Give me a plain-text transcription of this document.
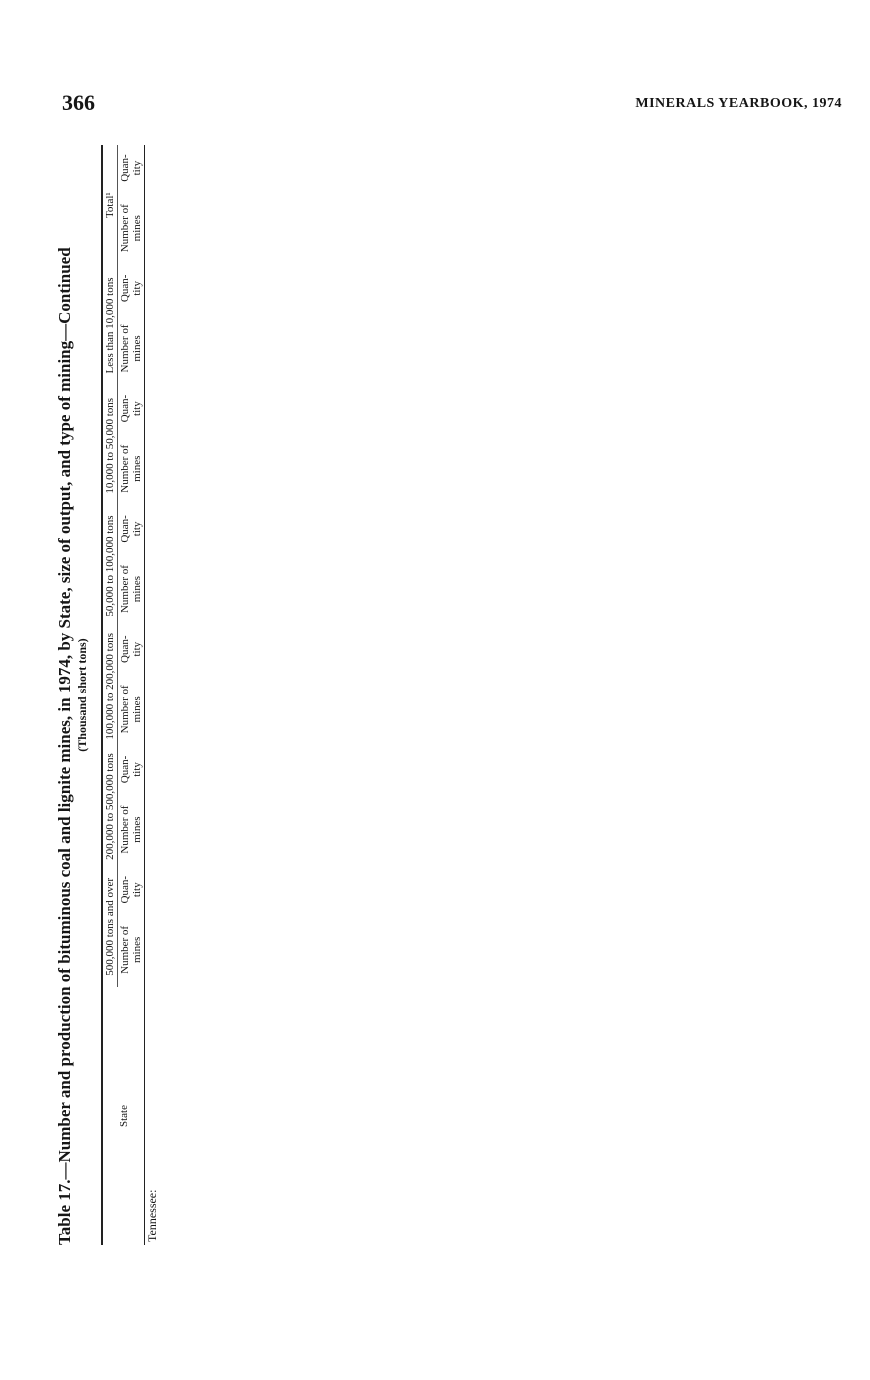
366	MINERALS YEARBOOK, 1974
Table 17.—Number and production of bituminous coal and lignite mines, in 1974, by State, size of output, and type of mining—Continued (Thousand short tons)
State	500,000 tons and over		200,000 to 500,000 tons		100,000 to 200,000 tons		50,000 to 100,000 tons		10,000 to 50,000 tons		Less than 10,000 tons		Total¹	
	Number of mines	Quan- tity	Number of mines	Quan- tity	Number of mines	Quan- tity	Number of mines	Quan- tity	Number of mines	Quan- tity	Number of mines	Quan- tity	Number of mines	Quan- tity
Tennessee:														
